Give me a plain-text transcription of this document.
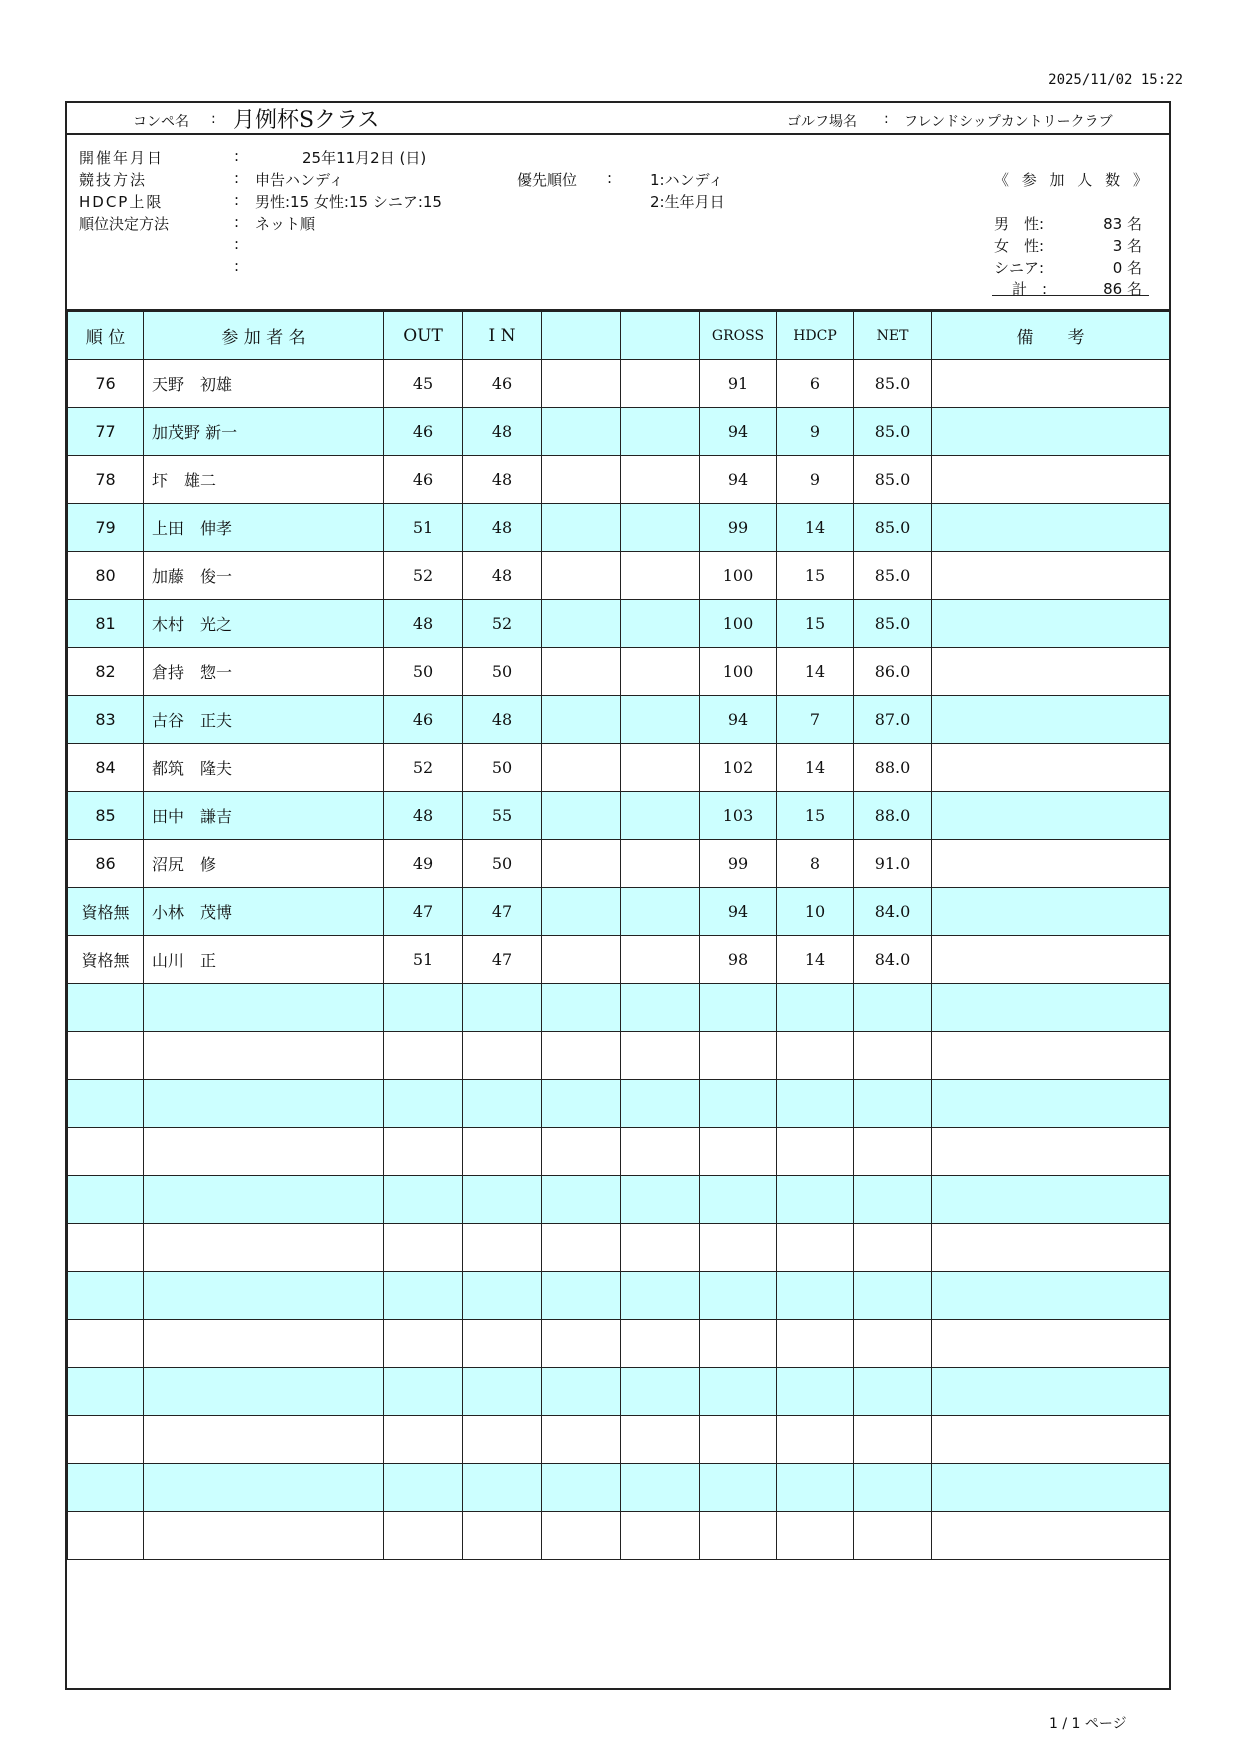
2025/11/02 15:22
コンペ名 : 月例杯Sクラス	ゴルフ場名 : フレンドシップカントリークラブ
開催年月日	:	25年11月2日 (日)
競技方法	: 申告ハンディ
HDCP上限	: 男性:15 女性:15 シニア:15
順位決定方法	: ネット順
:
:
優先順位 :	1:ハンディ
2:生年月日
《 参 加 人 数 》
男　性:	83 名
女　性:	3 名
シニア:	0 名
計　:	86 名
順 位	参 加 者 名	OUT	I N			GROSS	HDCP	NET	備　　考
76	天野　初雄	45	46			91	6	85.0	
77	加茂野 新一	46	48			94	9	85.0	
78	圷　雄二	46	48			94	9	85.0	
79	上田　伸孝	51	48			99	14	85.0	
80	加藤　俊一	52	48			100	15	85.0	
81	木村　光之	48	52			100	15	85.0	
82	倉持　惣一	50	50			100	14	86.0	
83	古谷　正夫	46	48			94	7	87.0	
84	都筑　隆夫	52	50			102	14	88.0	
85	田中　謙吉	48	55			103	15	88.0	
86	沼尻　修	49	50			99	8	91.0	
資格無	小林　茂博	47	47			94	10	84.0	
資格無	山川　正	51	47			98	14	84.0	

1 / 1 ページ
